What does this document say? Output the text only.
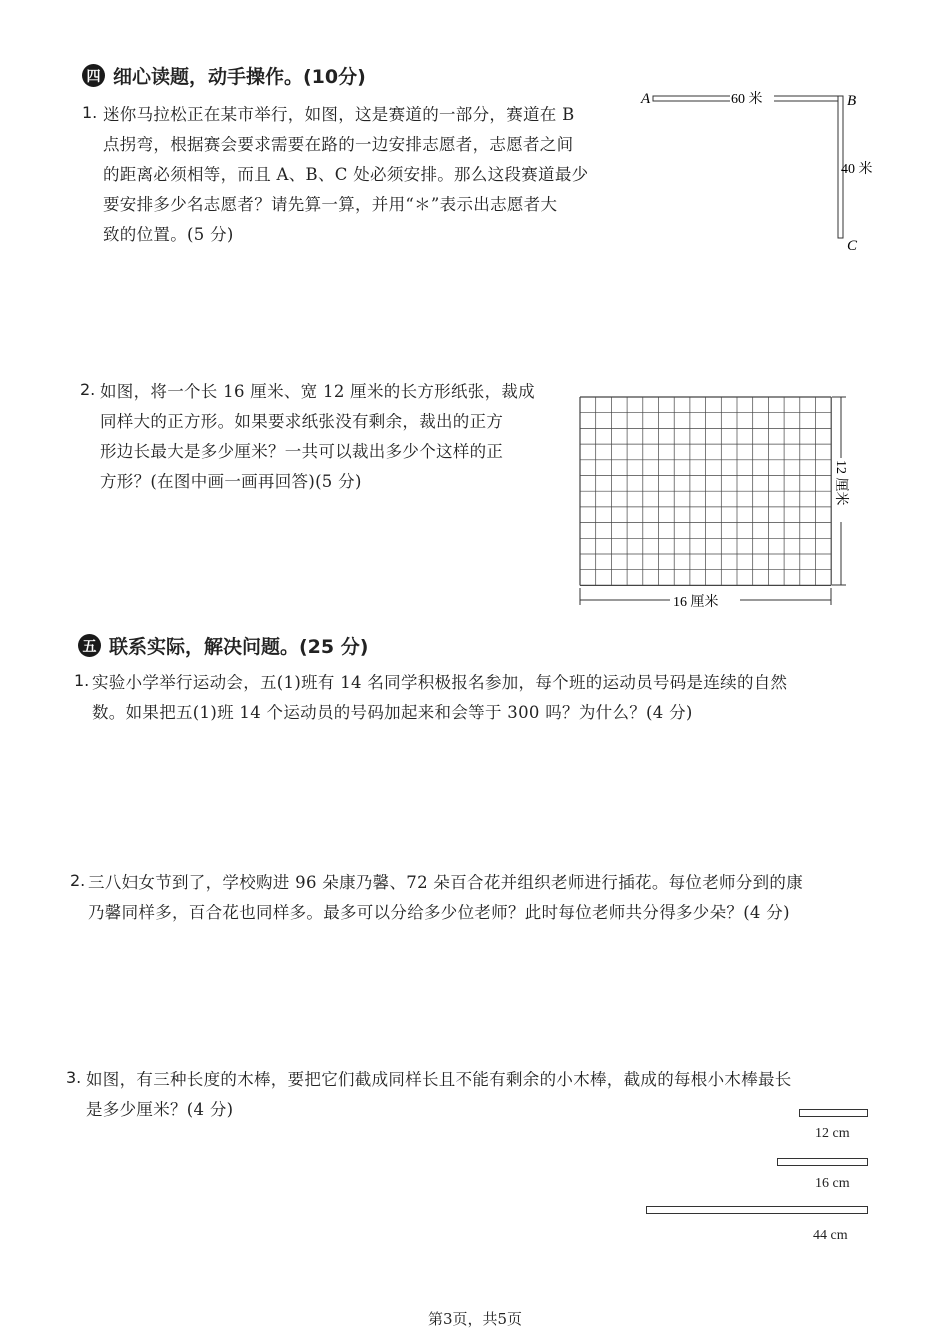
四 细心读题，动手操作。(10分)
1. 迷你马拉松正在某市举行，如图，这是赛道的一部分，赛道在 B
点拐弯，根据赛会要求需要在路的一边安排志愿者，志愿者之间
的距离必须相等，而且 A、B、C 处必须安排。那么这段赛道最少
要安排多少名志愿者？请先算一算，并用“＊”表示出志愿者大
致的位置。(5 分)
A	B
C
60 米
40 米
2. 如图，将一个长 16 厘米、宽 12 厘米的长方形纸张，裁成
同样大的正方形。如果要求纸张没有剩余，裁出的正方
形边长最大是多少厘米？一共可以裁出多少个这样的正
方形？(在图中画一画再回答)(5 分)
16 厘米
12 厘米
五 联系实际，解决问题。(25 分)
1. 实验小学举行运动会，五(1)班有 14 名同学积极报名参加，每个班的运动员号码是连续的自然
数。如果把五(1)班 14 个运动员的号码加起来和会等于 300 吗？为什么？(4 分)
2. 三八妇女节到了，学校购进 96 朵康乃馨、72 朵百合花并组织老师进行插花。每位老师分到的康
乃馨同样多，百合花也同样多。最多可以分给多少位老师？此时每位老师共分得多少朵？(4 分)
3. 如图，有三种长度的木棒，要把它们截成同样长且不能有剩余的小木棒，截成的每根小木棒最长
是多少厘米？(4 分)
12 cm
16 cm
44 cm
第3页，共5页
